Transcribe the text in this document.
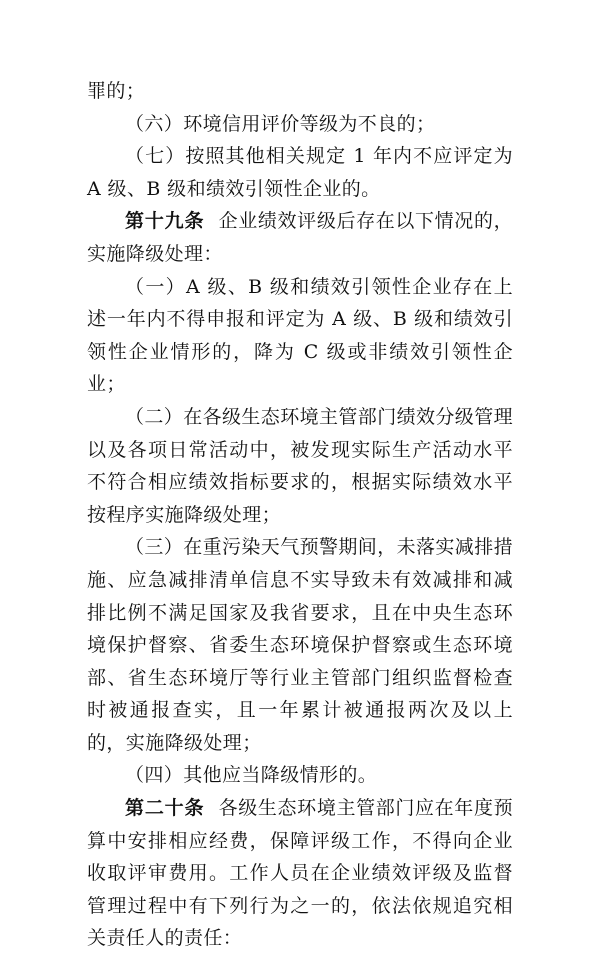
罪的；

（六）环境信用评价等级为不良的；

（七）按照其他相关规定 1 年内不应评定为 A 级、B 级和绩效引领性企业的。

第十九条 企业绩效评级后存在以下情况的，实施降级处理：

（一）A 级、B 级和绩效引领性企业存在上述一年内不得申报和评定为 A 级、B 级和绩效引领性企业情形的，降为 C 级或非绩效引领性企业；

（二）在各级生态环境主管部门绩效分级管理以及各项日常活动中，被发现实际生产活动水平不符合相应绩效指标要求的，根据实际绩效水平按程序实施降级处理；

（三）在重污染天气预警期间，未落实减排措施、应急减排清单信息不实导致未有效减排和减排比例不满足国家及我省要求，且在中央生态环境保护督察、省委生态环境保护督察或生态环境部、省生态环境厅等行业主管部门组织监督检查时被通报查实，且一年累计被通报两次及以上的，实施降级处理；

（四）其他应当降级情形的。

第二十条 各级生态环境主管部门应在年度预算中安排相应经费，保障评级工作，不得向企业收取评审费用。工作人员在企业绩效评级及监督管理过程中有下列行为之一的，依法依规追究相关责任人的责任：
